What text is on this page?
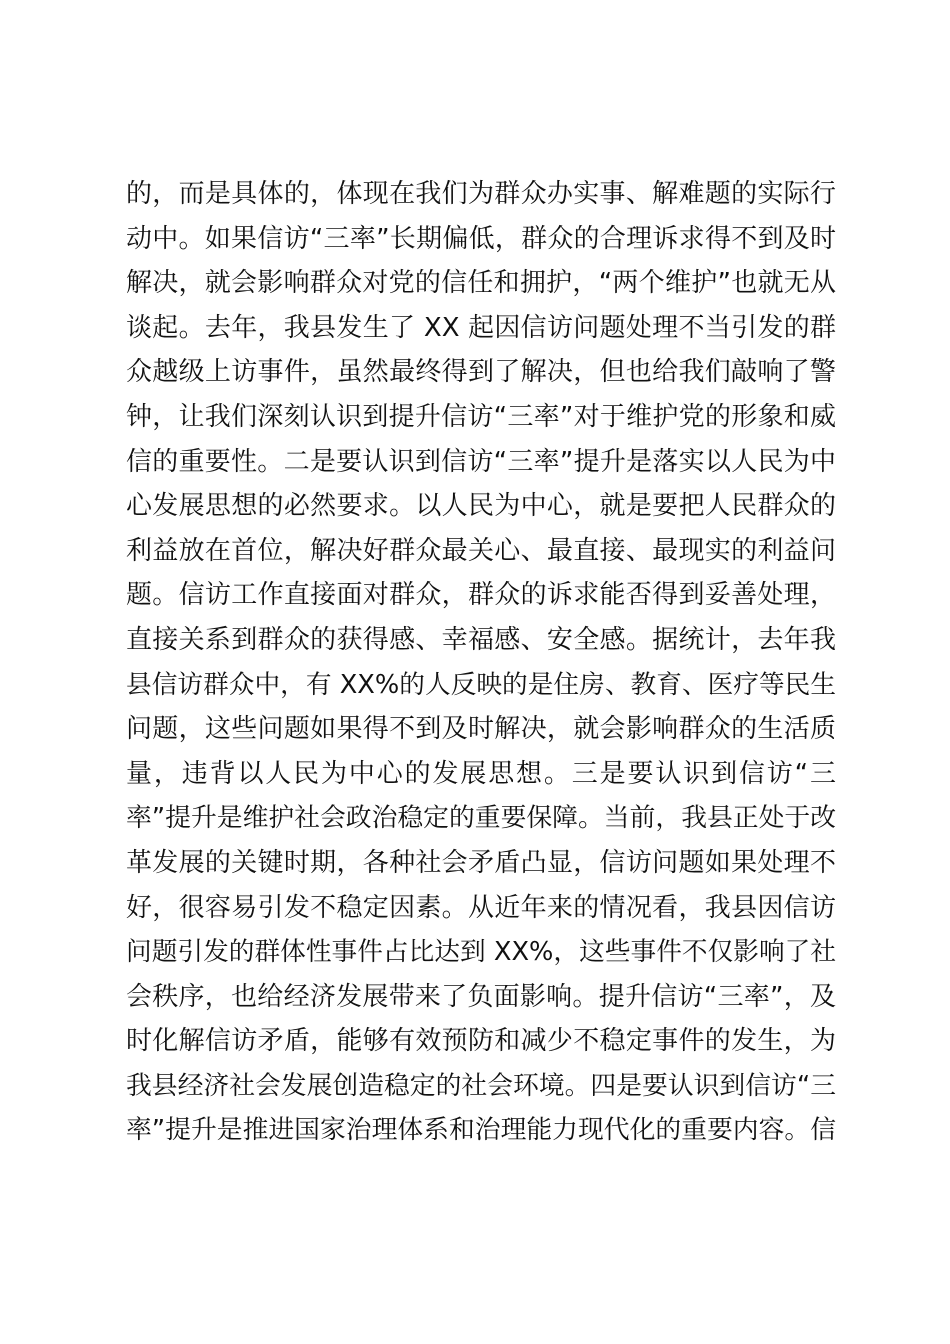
的，而是具体的，体现在我们为群众办实事、解难题的实际行
动中。如果信访“三率”长期偏低，群众的合理诉求得不到及时
解决，就会影响群众对党的信任和拥护，“两个维护”也就无从
谈起。去年，我县发生了 XX 起因信访问题处理不当引发的群
众越级上访事件，虽然最终得到了解决，但也给我们敲响了警
钟，让我们深刻认识到提升信访“三率”对于维护党的形象和威
信的重要性。二是要认识到信访“三率”提升是落实以人民为中
心发展思想的必然要求。以人民为中心，就是要把人民群众的
利益放在首位，解决好群众最关心、最直接、最现实的利益问
题。信访工作直接面对群众，群众的诉求能否得到妥善处理，
直接关系到群众的获得感、幸福感、安全感。据统计，去年我
县信访群众中，有 XX%的人反映的是住房、教育、医疗等民生
问题，这些问题如果得不到及时解决，就会影响群众的生活质
量，违背以人民为中心的发展思想。三是要认识到信访“三
率”提升是维护社会政治稳定的重要保障。当前，我县正处于改
革发展的关键时期，各种社会矛盾凸显，信访问题如果处理不
好，很容易引发不稳定因素。从近年来的情况看，我县因信访
问题引发的群体性事件占比达到 XX%，这些事件不仅影响了社
会秩序，也给经济发展带来了负面影响。提升信访“三率”，及
时化解信访矛盾，能够有效预防和减少不稳定事件的发生，为
我县经济社会发展创造稳定的社会环境。四是要认识到信访“三
率”提升是推进国家治理体系和治理能力现代化的重要内容。信
